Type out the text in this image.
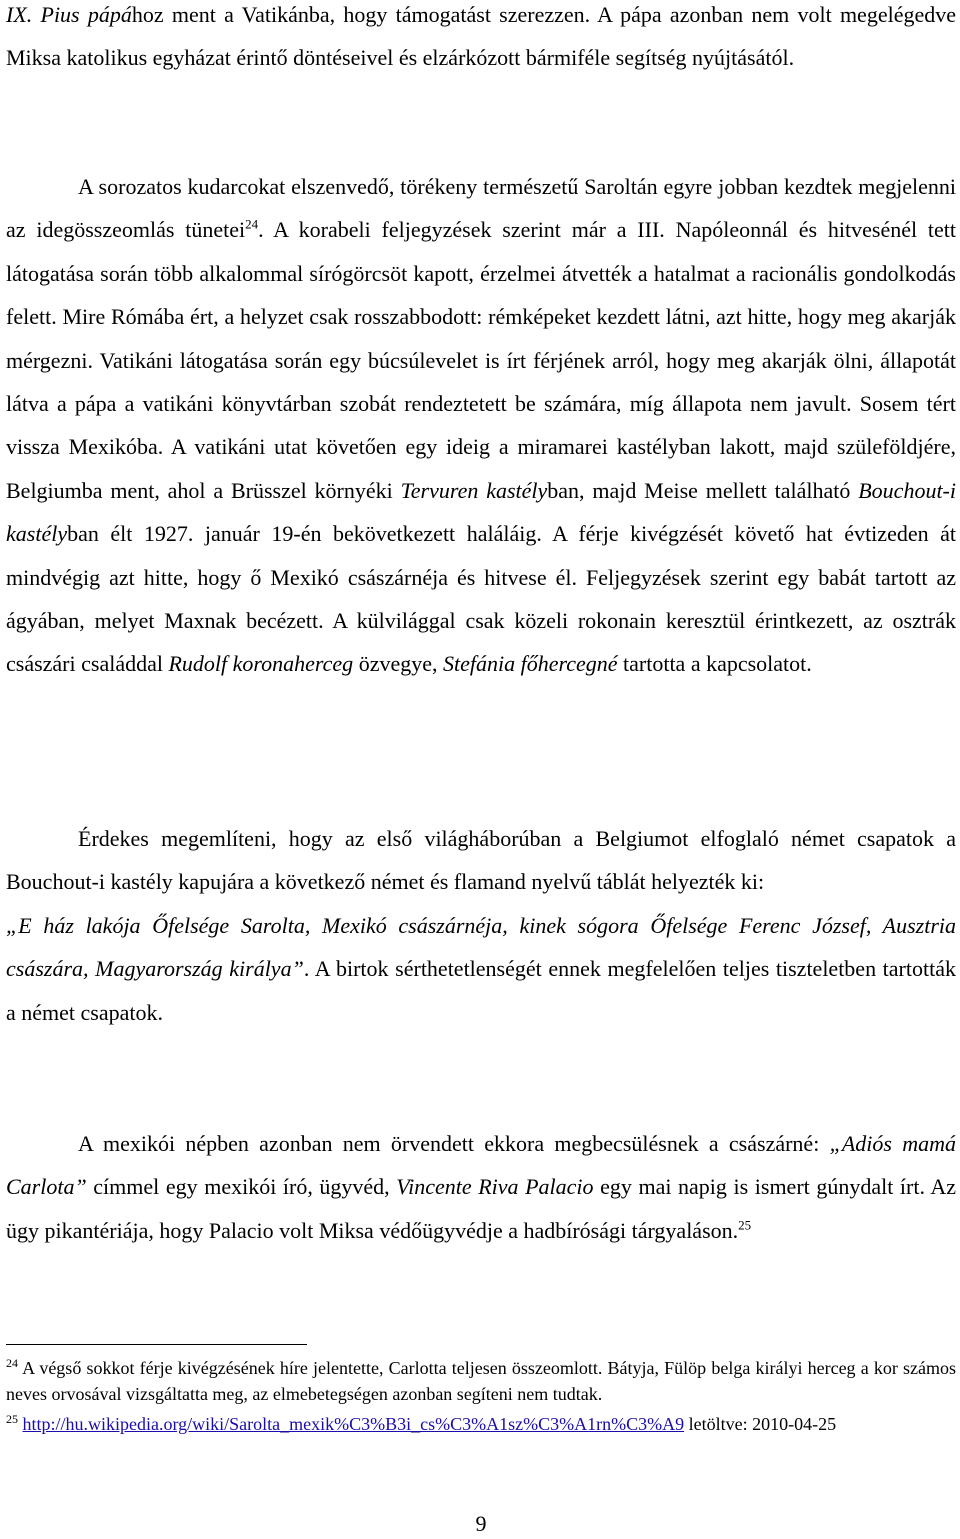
IX. Pius pápához ment a Vatikánba, hogy támogatást szerezzen. A pápa azonban nem volt megelégedve Miksa katolikus egyházat érintő döntéseivel és elzárkózott bármiféle segítség nyújtásától.

A sorozatos kudarcokat elszenvedő, törékeny természetű Saroltán egyre jobban kezdtek megjelenni az idegösszeomlás tünetei$^{24}$. A korabeli feljegyzések szerint már a III. Napóleonnál és hitvesénél tett látogatása során több alkalommal sírógörcsöt kapott, érzelmei átvették a hatalmat a racionális gondolkodás felett. Mire Rómába ért, a helyzet csak rosszabbodott: rémképeket kezdett látni, azt hitte, hogy meg akarják mérgezni. Vatikáni látogatása során egy búcsúlevelet is írt férjének arról, hogy meg akarják ölni, állapotát látva a pápa a vatikáni könyvtárban szobát rendeztetett be számára, míg állapota nem javult. Sosem tért vissza Mexikóba. A vatikáni utat követően egy ideig a miramarei kastélyban lakott, majd szüleföldjére, Belgiumba ment, ahol a Brüsszel környéki Tervuren kastélyban, majd Meise mellett található Bouchout-i kastélyban élt 1927. január 19-én bekövetkezett haláláig. A férje kivégzését követő hat évtizeden át mindvégig azt hitte, hogy ő Mexikó császárnéja és hitvese él. Feljegyzések szerint egy babát tartott az ágyában, melyet Maxnak becézett. A külvilággal csak közeli rokonain keresztül érintkezett, az osztrák császári családdal Rudolf koronaherceg özvegye, Stefánia főhercegné tartotta a kapcsolatot.

Érdekes megemlíteni, hogy az első világháborúban a Belgiumot elfoglaló német csapatok a Bouchout-i kastély kapujára a következő német és flamand nyelvű táblát helyezték ki:
„E ház lakója Őfelsége Sarolta, Mexikó császárnéja, kinek sógora Őfelsége Ferenc József, Ausztria császára, Magyarország királya”. A birtok sérthetetlenségét ennek megfelelően teljes tiszteletben tartották a német csapatok.

A mexikói népben azonban nem örvendett ekkora megbecsülésnek a császárné: „Adiós mamá Carlota” címmel egy mexikói író, ügyvéd, Vincente Riva Palacio egy mai napig is ismert gúnydalt írt. Az ügy pikantériája, hogy Palacio volt Miksa védőügyvédje a hadbírósági tárgyaláson.$^{25}$

$^{24}$ A végső sokkot férje kivégzésének híre jelentette, Carlotta teljesen összeomlott. Bátyja, Fülöp belga királyi herceg a kor számos neves orvosával vizsgáltatta meg, az elmebetegségen azonban segíteni nem tudtak.

$^{25}$ http://hu.wikipedia.org/wiki/Sarolta_mexik%C3%B3i_cs%C3%A1sz%C3%A1rn%C3%A9 letöltve: 2010-04-25

9
